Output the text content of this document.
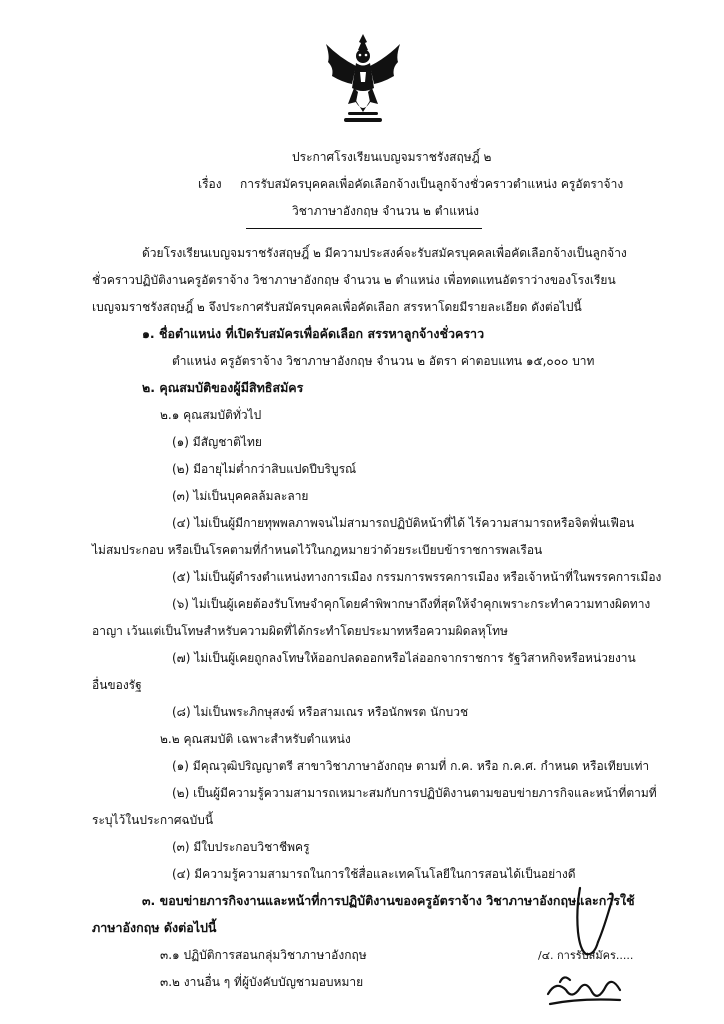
ประกาศโรงเรียนเบญจมราชรังสฤษฎิ์ ๒
เรื่อง การรับสมัครบุคคลเพื่อคัดเลือกจ้างเป็นลูกจ้างชั่วคราวตำแหน่ง ครูอัตราจ้าง
วิชาภาษาอังกฤษ จำนวน ๒ ตำแหน่ง
ด้วยโรงเรียนเบญจมราชรังสฤษฎิ์ ๒ มีความประสงค์จะรับสมัครบุคคลเพื่อคัดเลือกจ้างเป็นลูกจ้าง
ชั่วคราวปฏิบัติงานครูอัตราจ้าง วิชาภาษาอังกฤษ จำนวน ๒ ตำแหน่ง เพื่อทดแทนอัตราว่างของโรงเรียน
เบญจมราชรังสฤษฎิ์ ๒ จึงประกาศรับสมัครบุคคลเพื่อคัดเลือก สรรหาโดยมีรายละเอียด ดังต่อไปนี้
๑. ชื่อตำแหน่ง ที่เปิดรับสมัครเพื่อคัดเลือก สรรหาลูกจ้างชั่วคราว
ตำแหน่ง ครูอัตราจ้าง วิชาภาษาอังกฤษ จำนวน ๒ อัตรา ค่าตอบแทน ๑๕,๐๐๐ บาท
๒. คุณสมบัติของผู้มีสิทธิสมัคร
๒.๑ คุณสมบัติทั่วไป
(๑) มีสัญชาติไทย
(๒) มีอายุไม่ต่ำกว่าสิบแปดปีบริบูรณ์
(๓) ไม่เป็นบุคคลล้มละลาย
(๔) ไม่เป็นผู้มีกายทุพพลภาพจนไม่สามารถปฏิบัติหน้าที่ได้ ไร้ความสามารถหรือจิตฟั่นเฟือน
ไม่สมประกอบ หรือเป็นโรคตามที่กำหนดไว้ในกฎหมายว่าด้วยระเบียบข้าราชการพลเรือน
(๕) ไม่เป็นผู้ดำรงตำแหน่งทางการเมือง กรรมการพรรคการเมือง หรือเจ้าหน้าที่ในพรรคการเมือง
(๖) ไม่เป็นผู้เคยต้องรับโทษจำคุกโดยคำพิพากษาถึงที่สุดให้จำคุกเพราะกระทำความทางผิดทาง
อาญา เว้นแต่เป็นโทษสำหรับความผิดที่ได้กระทำโดยประมาทหรือความผิดลหุโทษ
(๗) ไม่เป็นผู้เคยถูกลงโทษให้ออกปลดออกหรือไล่ออกจากราชการ รัฐวิสาหกิจหรือหน่วยงาน
อื่นของรัฐ
(๘) ไม่เป็นพระภิกษุสงฆ์ หรือสามเณร หรือนักพรต นักบวช
๒.๒ คุณสมบัติ เฉพาะสำหรับตำแหน่ง
(๑) มีคุณวุฒิปริญญาตรี สาขาวิชาภาษาอังกฤษ ตามที่ ก.ค. หรือ ก.ค.ศ. กำหนด หรือเทียบเท่า
(๒) เป็นผู้มีความรู้ความสามารถเหมาะสมกับการปฏิบัติงานตามขอบข่ายภารกิจและหน้าที่ตามที่
ระบุไว้ในประกาศฉบับนี้
(๓) มีใบประกอบวิชาชีพครู
(๔) มีความรู้ความสามารถในการใช้สื่อและเทคโนโลยีในการสอนได้เป็นอย่างดี
๓. ขอบข่ายภารกิจงานและหน้าที่การปฏิบัติงานของครูอัตราจ้าง วิชาภาษาอังกฤษและการใช้
ภาษาอังกฤษ ดังต่อไปนี้
๓.๑ ปฏิบัติการสอนกลุ่มวิชาภาษาอังกฤษ
๓.๒ งานอื่น ๆ ที่ผู้บังคับบัญชามอบหมาย
/๔. การรับสมัคร.....
